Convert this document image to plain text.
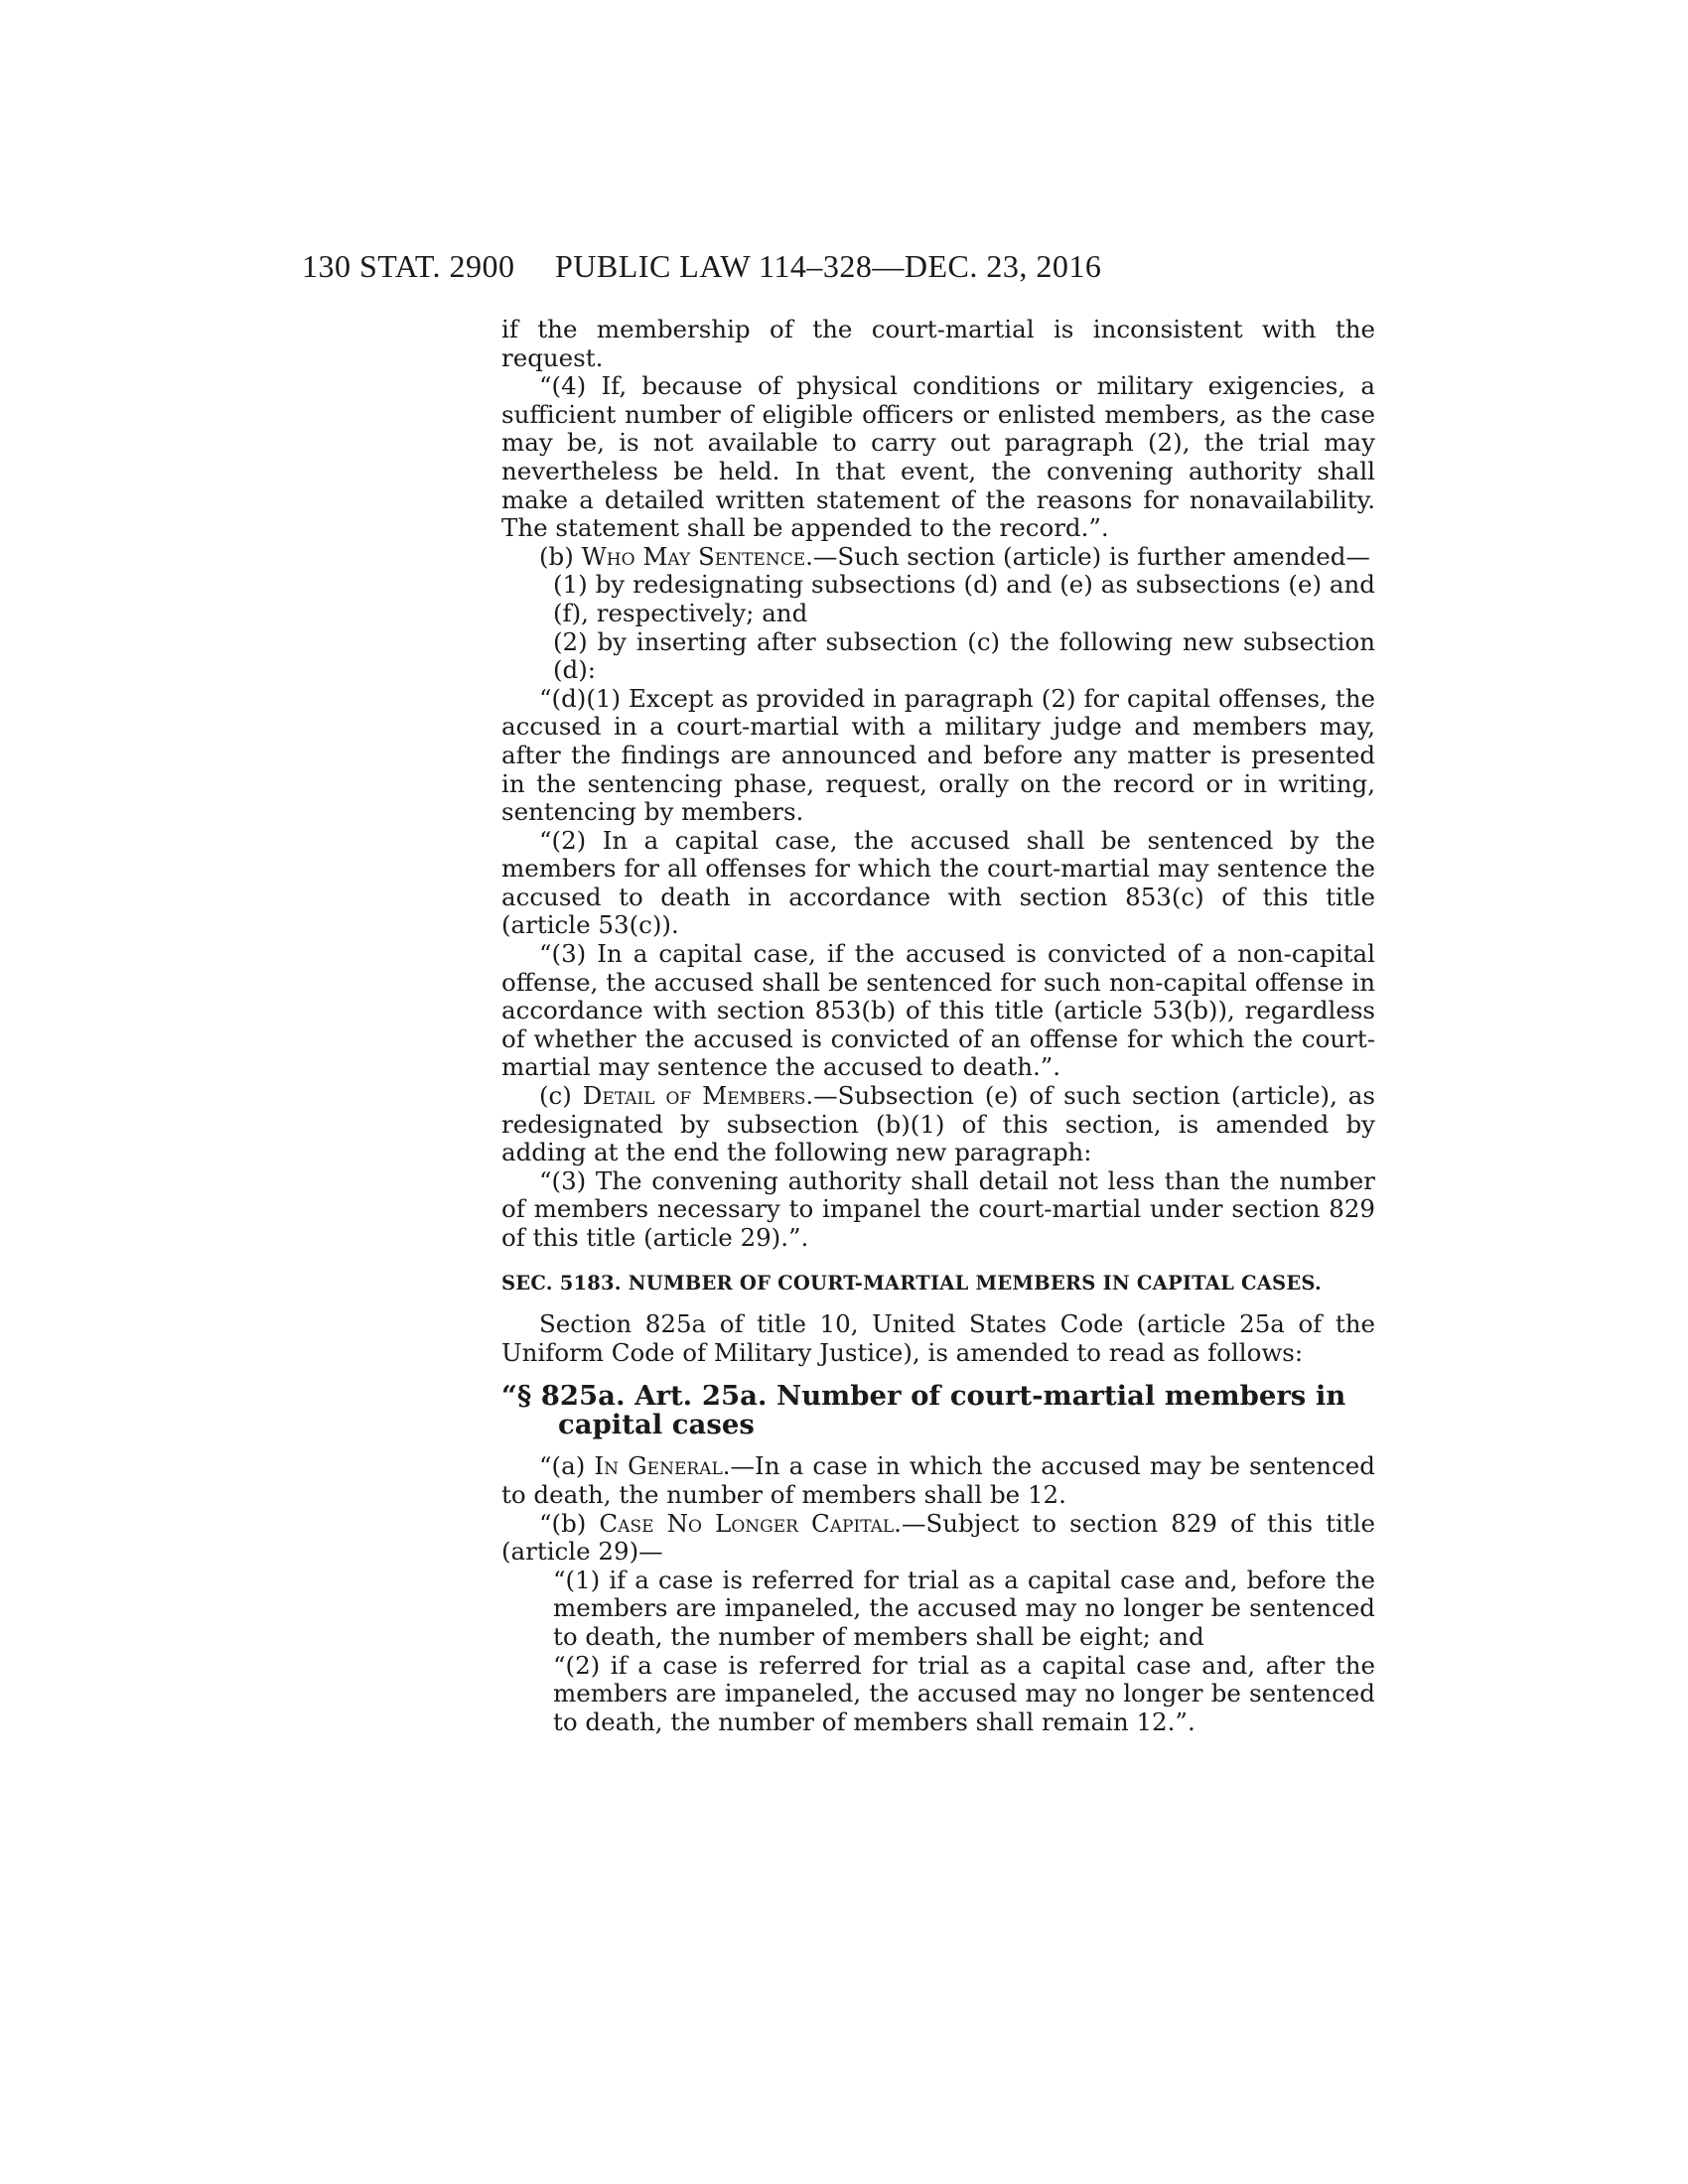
130 STAT. 2900 PUBLIC LAW 114–328—DEC. 23, 2016

if the membership of the court-martial is inconsistent with the request.

“(4) If, because of physical conditions or military exigencies, a sufficient number of eligible officers or enlisted members, as the case may be, is not available to carry out paragraph (2), the trial may nevertheless be held. In that event, the convening authority shall make a detailed written statement of the reasons for nonavailability. The statement shall be appended to the record.”.

(b) Who May Sentence.—Such section (article) is further amended—

(1) by redesignating subsections (d) and (e) as subsections (e) and (f), respectively; and

(2) by inserting after subsection (c) the following new subsection (d):

“(d)(1) Except as provided in paragraph (2) for capital offenses, the accused in a court-martial with a military judge and members may, after the findings are announced and before any matter is presented in the sentencing phase, request, orally on the record or in writing, sentencing by members.

“(2) In a capital case, the accused shall be sentenced by the members for all offenses for which the court-martial may sentence the accused to death in accordance with section 853(c) of this title (article 53(c)).

“(3) In a capital case, if the accused is convicted of a non-capital offense, the accused shall be sentenced for such non-capital offense in accordance with section 853(b) of this title (article 53(b)), regardless of whether the accused is convicted of an offense for which the court-martial may sentence the accused to death.”.

(c) Detail of Members.—Subsection (e) of such section (article), as redesignated by subsection (b)(1) of this section, is amended by adding at the end the following new paragraph:

“(3) The convening authority shall detail not less than the number of members necessary to impanel the court-martial under section 829 of this title (article 29).”.

SEC. 5183. NUMBER OF COURT-MARTIAL MEMBERS IN CAPITAL CASES.

Section 825a of title 10, United States Code (article 25a of the Uniform Code of Military Justice), is amended to read as follows:

“§ 825a. Art. 25a. Number of court-martial members in capital cases

“(a) In General.—In a case in which the accused may be sentenced to death, the number of members shall be 12.

“(b) Case No Longer Capital.—Subject to section 829 of this title (article 29)—

“(1) if a case is referred for trial as a capital case and, before the members are impaneled, the accused may no longer be sentenced to death, the number of members shall be eight; and

“(2) if a case is referred for trial as a capital case and, after the members are impaneled, the accused may no longer be sentenced to death, the number of members shall remain 12.”.
